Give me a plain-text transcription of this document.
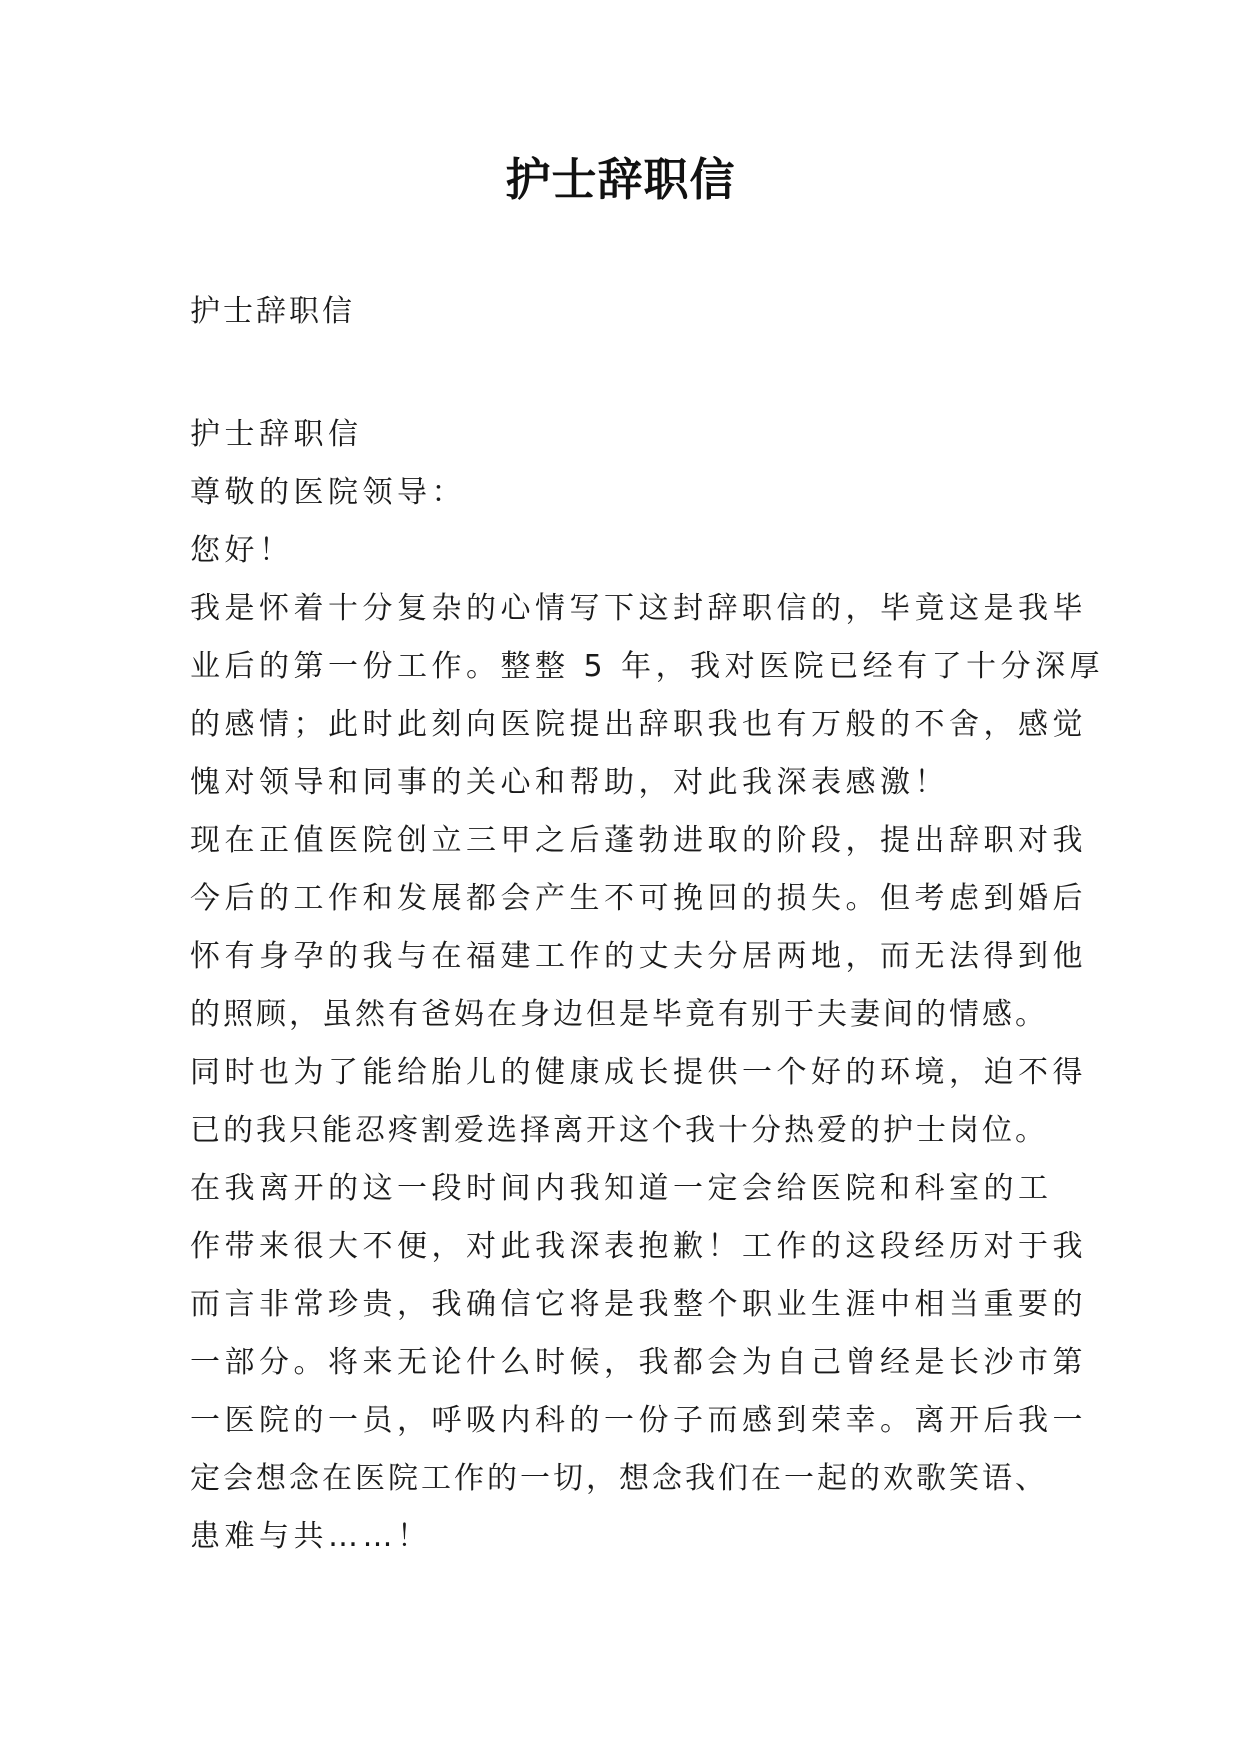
护士辞职信
护士辞职信
护士辞职信
尊敬的医院领导：
您好！
我是怀着十分复杂的心情写下这封辞职信的，毕竟这是我毕
业后的第一份工作。整整 5 年，我对医院已经有了十分深厚
的感情；此时此刻向医院提出辞职我也有万般的不舍，感觉
愧对领导和同事的关心和帮助，对此我深表感激！
现在正值医院创立三甲之后蓬勃进取的阶段，提出辞职对我
今后的工作和发展都会产生不可挽回的损失。但考虑到婚后
怀有身孕的我与在福建工作的丈夫分居两地，而无法得到他
的照顾，虽然有爸妈在身边但是毕竟有别于夫妻间的情感。
同时也为了能给胎儿的健康成长提供一个好的环境，迫不得
已的我只能忍疼割爱选择离开这个我十分热爱的护士岗位。
在我离开的这一段时间内我知道一定会给医院和科室的工
作带来很大不便，对此我深表抱歉！工作的这段经历对于我
而言非常珍贵，我确信它将是我整个职业生涯中相当重要的
一部分。将来无论什么时候，我都会为自己曾经是长沙市第
一医院的一员，呼吸内科的一份子而感到荣幸。离开后我一
定会想念在医院工作的一切，想念我们在一起的欢歌笑语、
患难与共……！
